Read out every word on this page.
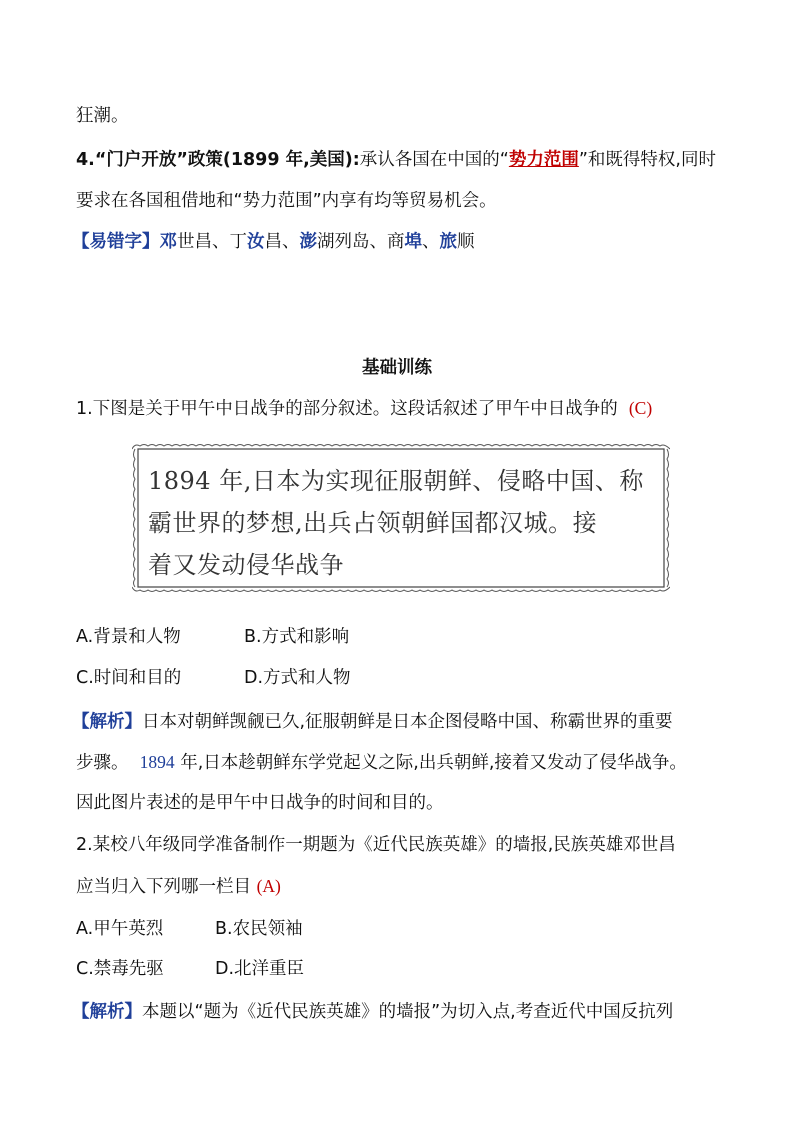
狂潮。
4.“门户开放”政策(1899 年,美国):承认各国在中国的“势力范围”和既得特权,同时
要求在各国租借地和“势力范围”内享有均等贸易机会。
【易错字】邓世昌、丁汝昌、澎湖列岛、商埠、旅顺
基础训练
1.下图是关于甲午中日战争的部分叙述。这段话叙述了甲午中日战争的 (C)
1894 年,日本为实现征服朝鲜、侵略中国、称
霸世界的梦想,出兵占领朝鲜国都汉城。接
着又发动侵华战争
A.背景和人物	B.方式和影响
C.时间和目的	D.方式和人物
【解析】日本对朝鲜觊觎已久,征服朝鲜是日本企图侵略中国、称霸世界的重要
步骤。 1894 年,日本趁朝鲜东学党起义之际,出兵朝鲜,接着又发动了侵华战争。
因此图片表述的是甲午中日战争的时间和目的。
2.某校八年级同学准备制作一期题为《近代民族英雄》的墙报,民族英雄邓世昌
应当归入下列哪一栏目 (A)
A.甲午英烈	B.农民领袖
C.禁毒先驱	D.北洋重臣
【解析】本题以“题为《近代民族英雄》的墙报”为切入点,考查近代中国反抗列
